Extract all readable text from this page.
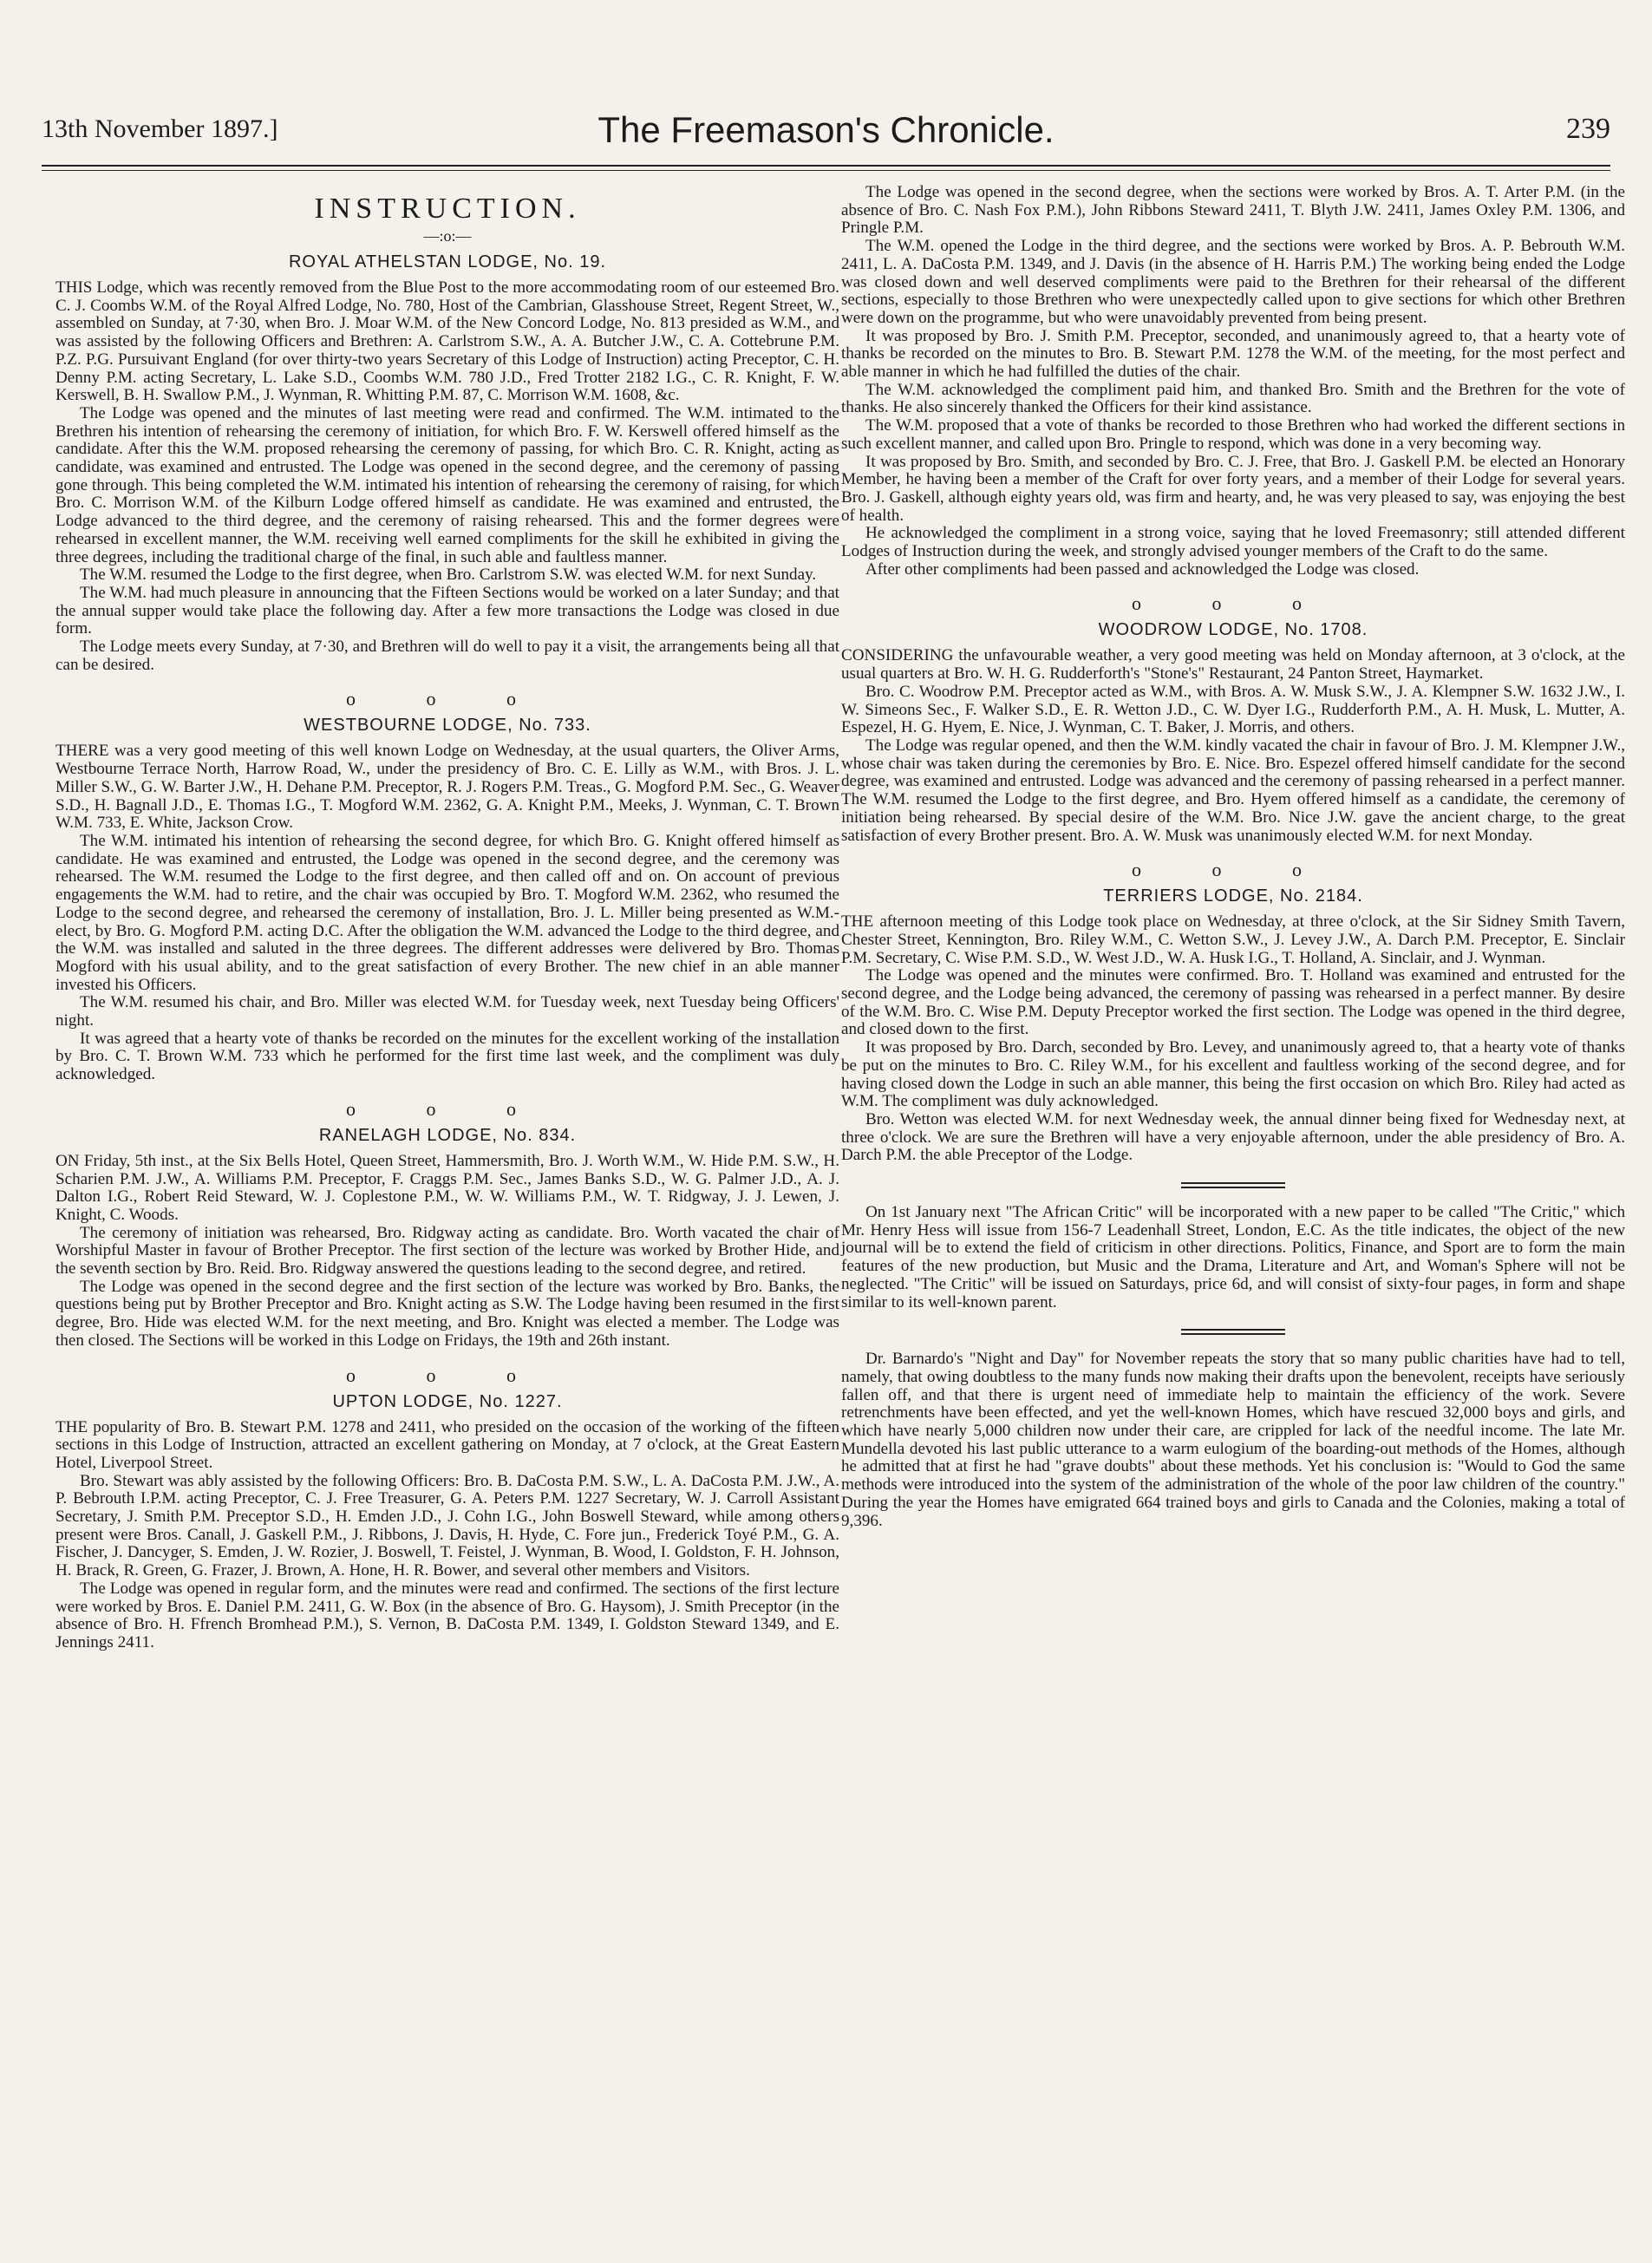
13th November 1897.]	The Freemason's Chronicle.	239
INSTRUCTION.
—:o:—
ROYAL ATHELSTAN LODGE, No. 19.

THIS Lodge, which was recently removed from the Blue Post to the more accommodating room of our esteemed Bro. C. J. Coombs W.M. of the Royal Alfred Lodge, No. 780, Host of the Cambrian, Glasshouse Street, Regent Street, W., assembled on Sunday, at 7·30, when Bro. J. Moar W.M. of the New Concord Lodge, No. 813 presided as W.M., and was assisted by the following Officers and Brethren: A. Carlstrom S.W., A. A. Butcher J.W., C. A. Cottebrune P.M. P.Z. P.G. Pursuivant England (for over thirty-two years Secretary of this Lodge of Instruction) acting Preceptor, C. H. Denny P.M. acting Secretary, L. Lake S.D., Coombs W.M. 780 J.D., Fred Trotter 2182 I.G., C. R. Knight, F. W. Kerswell, B. H. Swallow P.M., J. Wynman, R. Whitting P.M. 87, C. Morrison W.M. 1608, &c.

The Lodge was opened and the minutes of last meeting were read and confirmed. The W.M. intimated to the Brethren his intention of rehearsing the ceremony of initiation, for which Bro. F. W. Kerswell offered himself as the candidate. After this the W.M. proposed rehearsing the ceremony of passing, for which Bro. C. R. Knight, acting as candidate, was examined and entrusted. The Lodge was opened in the second degree, and the ceremony of passing gone through. This being completed the W.M. intimated his intention of rehearsing the ceremony of raising, for which Bro. C. Morrison W.M. of the Kilburn Lodge offered himself as candidate. He was examined and entrusted, the Lodge advanced to the third degree, and the ceremony of raising rehearsed. This and the former degrees were rehearsed in excellent manner, the W.M. receiving well earned compliments for the skill he exhibited in giving the three degrees, including the traditional charge of the final, in such able and faultless manner.

The W.M. resumed the Lodge to the first degree, when Bro. Carlstrom S.W. was elected W.M. for next Sunday.

The W.M. had much pleasure in announcing that the Fifteen Sections would be worked on a later Sunday; and that the annual supper would take place the following day. After a few more transactions the Lodge was closed in due form.

The Lodge meets every Sunday, at 7·30, and Brethren will do well to pay it a visit, the arrangements being all that can be desired.

o o o
WESTBOURNE LODGE, No. 733.

THERE was a very good meeting of this well known Lodge on Wednesday, at the usual quarters, the Oliver Arms, Westbourne Terrace North, Harrow Road, W., under the presidency of Bro. C. E. Lilly as W.M., with Bros. J. L. Miller S.W., G. W. Barter J.W., H. Dehane P.M. Preceptor, R. J. Rogers P.M. Treas., G. Mogford P.M. Sec., G. Weaver S.D., H. Bagnall J.D., E. Thomas I.G., T. Mogford W.M. 2362, G. A. Knight P.M., Meeks, J. Wynman, C. T. Brown W.M. 733, E. White, Jackson Crow.

The W.M. intimated his intention of rehearsing the second degree, for which Bro. G. Knight offered himself as candidate. He was examined and entrusted, the Lodge was opened in the second degree, and the ceremony was rehearsed. The W.M. resumed the Lodge to the first degree, and then called off and on. On account of previous engagements the W.M. had to retire, and the chair was occupied by Bro. T. Mogford W.M. 2362, who resumed the Lodge to the second degree, and rehearsed the ceremony of installation, Bro. J. L. Miller being presented as W.M.-elect, by Bro. G. Mogford P.M. acting D.C. After the obligation the W.M. advanced the Lodge to the third degree, and the W.M. was installed and saluted in the three degrees. The different addresses were delivered by Bro. Thomas Mogford with his usual ability, and to the great satisfaction of every Brother. The new chief in an able manner invested his Officers.

The W.M. resumed his chair, and Bro. Miller was elected W.M. for Tuesday week, next Tuesday being Officers' night.

It was agreed that a hearty vote of thanks be recorded on the minutes for the excellent working of the installation by Bro. C. T. Brown W.M. 733 which he performed for the first time last week, and the compliment was duly acknowledged.

o o o
RANELAGH LODGE, No. 834.

ON Friday, 5th inst., at the Six Bells Hotel, Queen Street, Hammersmith, Bro. J. Worth W.M., W. Hide P.M. S.W., H. Scharien P.M. J.W., A. Williams P.M. Preceptor, F. Craggs P.M. Sec., James Banks S.D., W. G. Palmer J.D., A. J. Dalton I.G., Robert Reid Steward, W. J. Coplestone P.M., W. W. Williams P.M., W. T. Ridgway, J. J. Lewen, J. Knight, C. Woods.

The ceremony of initiation was rehearsed, Bro. Ridgway acting as candidate. Bro. Worth vacated the chair of Worshipful Master in favour of Brother Preceptor. The first section of the lecture was worked by Brother Hide, and the seventh section by Bro. Reid. Bro. Ridgway answered the questions leading to the second degree, and retired.

The Lodge was opened in the second degree and the first section of the lecture was worked by Bro. Banks, the questions being put by Brother Preceptor and Bro. Knight acting as S.W. The Lodge having been resumed in the first degree, Bro. Hide was elected W.M. for the next meeting, and Bro. Knight was elected a member. The Lodge was then closed. The Sections will be worked in this Lodge on Fridays, the 19th and 26th instant.

o o o
UPTON LODGE, No. 1227.

THE popularity of Bro. B. Stewart P.M. 1278 and 2411, who presided on the occasion of the working of the fifteen sections in this Lodge of Instruction, attracted an excellent gathering on Monday, at 7 o'clock, at the Great Eastern Hotel, Liverpool Street.

Bro. Stewart was ably assisted by the following Officers: Bro. B. DaCosta P.M. S.W., L. A. DaCosta P.M. J.W., A. P. Bebrouth I.P.M. acting Preceptor, C. J. Free Treasurer, G. A. Peters P.M. 1227 Secretary, W. J. Carroll Assistant Secretary, J. Smith P.M. Preceptor S.D., H. Emden J.D., J. Cohn I.G., John Boswell Steward, while among others present were Bros. Canall, J. Gaskell P.M., J. Ribbons, J. Davis, H. Hyde, C. Fore jun., Frederick Toyé P.M., G. A. Fischer, J. Dancyger, S. Emden, J. W. Rozier, J. Boswell, T. Feistel, J. Wynman, B. Wood, I. Goldston, F. H. Johnson, H. Brack, R. Green, G. Frazer, J. Brown, A. Hone, H. R. Bower, and several other members and Visitors.

The Lodge was opened in regular form, and the minutes were read and confirmed. The sections of the first lecture were worked by Bros. E. Daniel P.M. 2411, G. W. Box (in the absence of Bro. G. Haysom), J. Smith Preceptor (in the absence of Bro. H. Ffrench Bromhead P.M.), S. Vernon, B. DaCosta P.M. 1349, I. Goldston Steward 1349, and E. Jennings 2411.

The Lodge was opened in the second degree, when the sections were worked by Bros. A. T. Arter P.M. (in the absence of Bro. C. Nash Fox P.M.), John Ribbons Steward 2411, T. Blyth J.W. 2411, James Oxley P.M. 1306, and Pringle P.M.

The W.M. opened the Lodge in the third degree, and the sections were worked by Bros. A. P. Bebrouth W.M. 2411, L. A. DaCosta P.M. 1349, and J. Davis (in the absence of H. Harris P.M.) The working being ended the Lodge was closed down and well deserved compliments were paid to the Brethren for their rehearsal of the different sections, especially to those Brethren who were unexpectedly called upon to give sections for which other Brethren were down on the programme, but who were unavoidably prevented from being present.

It was proposed by Bro. J. Smith P.M. Preceptor, seconded, and unanimously agreed to, that a hearty vote of thanks be recorded on the minutes to Bro. B. Stewart P.M. 1278 the W.M. of the meeting, for the most perfect and able manner in which he had fulfilled the duties of the chair.

The W.M. acknowledged the compliment paid him, and thanked Bro. Smith and the Brethren for the vote of thanks. He also sincerely thanked the Officers for their kind assistance.

The W.M. proposed that a vote of thanks be recorded to those Brethren who had worked the different sections in such excellent manner, and called upon Bro. Pringle to respond, which was done in a very becoming way.

It was proposed by Bro. Smith, and seconded by Bro. C. J. Free, that Bro. J. Gaskell P.M. be elected an Honorary Member, he having been a member of the Craft for over forty years, and a member of their Lodge for several years. Bro. J. Gaskell, although eighty years old, was firm and hearty, and, he was very pleased to say, was enjoying the best of health.

He acknowledged the compliment in a strong voice, saying that he loved Freemasonry; still attended different Lodges of Instruction during the week, and strongly advised younger members of the Craft to do the same.

After other compliments had been passed and acknowledged the Lodge was closed.

o o o
WOODROW LODGE, No. 1708.

CONSIDERING the unfavourable weather, a very good meeting was held on Monday afternoon, at 3 o'clock, at the usual quarters at Bro. W. H. G. Rudderforth's "Stone's" Restaurant, 24 Panton Street, Haymarket.

Bro. C. Woodrow P.M. Preceptor acted as W.M., with Bros. A. W. Musk S.W., J. A. Klempner S.W. 1632 J.W., I. W. Simeons Sec., F. Walker S.D., E. R. Wetton J.D., C. W. Dyer I.G., Rudderforth P.M., A. H. Musk, L. Mutter, A. Espezel, H. G. Hyem, E. Nice, J. Wynman, C. T. Baker, J. Morris, and others.

The Lodge was regular opened, and then the W.M. kindly vacated the chair in favour of Bro. J. M. Klempner J.W., whose chair was taken during the ceremonies by Bro. E. Nice. Bro. Espezel offered himself candidate for the second degree, was examined and entrusted. Lodge was advanced and the ceremony of passing rehearsed in a perfect manner. The W.M. resumed the Lodge to the first degree, and Bro. Hyem offered himself as a candidate, the ceremony of initiation being rehearsed. By special desire of the W.M. Bro. Nice J.W. gave the ancient charge, to the great satisfaction of every Brother present. Bro. A. W. Musk was unanimously elected W.M. for next Monday.

o o o
TERRIERS LODGE, No. 2184.

THE afternoon meeting of this Lodge took place on Wednesday, at three o'clock, at the Sir Sidney Smith Tavern, Chester Street, Kennington, Bro. Riley W.M., C. Wetton S.W., J. Levey J.W., A. Darch P.M. Preceptor, E. Sinclair P.M. Secretary, C. Wise P.M. S.D., W. West J.D., W. A. Husk I.G., T. Holland, A. Sinclair, and J. Wynman.

The Lodge was opened and the minutes were confirmed. Bro. T. Holland was examined and entrusted for the second degree, and the Lodge being advanced, the ceremony of passing was rehearsed in a perfect manner. By desire of the W.M. Bro. C. Wise P.M. Deputy Preceptor worked the first section. The Lodge was opened in the third degree, and closed down to the first.

It was proposed by Bro. Darch, seconded by Bro. Levey, and unanimously agreed to, that a hearty vote of thanks be put on the minutes to Bro. C. Riley W.M., for his excellent and faultless working of the second degree, and for having closed down the Lodge in such an able manner, this being the first occasion on which Bro. Riley had acted as W.M. The compliment was duly acknowledged.

Bro. Wetton was elected W.M. for next Wednesday week, the annual dinner being fixed for Wednesday next, at three o'clock. We are sure the Brethren will have a very enjoyable afternoon, under the able presidency of Bro. A. Darch P.M. the able Preceptor of the Lodge.

On 1st January next "The African Critic" will be incorporated with a new paper to be called "The Critic," which Mr. Henry Hess will issue from 156-7 Leadenhall Street, London, E.C. As the title indicates, the object of the new journal will be to extend the field of criticism in other directions. Politics, Finance, and Sport are to form the main features of the new production, but Music and the Drama, Literature and Art, and Woman's Sphere will not be neglected. "The Critic" will be issued on Saturdays, price 6d, and will consist of sixty-four pages, in form and shape similar to its well-known parent.

Dr. Barnardo's "Night and Day" for November repeats the story that so many public charities have had to tell, namely, that owing doubtless to the many funds now making their drafts upon the benevolent, receipts have seriously fallen off, and that there is urgent need of immediate help to maintain the efficiency of the work. Severe retrenchments have been effected, and yet the well-known Homes, which have rescued 32,000 boys and girls, and which have nearly 5,000 children now under their care, are crippled for lack of the needful income. The late Mr. Mundella devoted his last public utterance to a warm eulogium of the boarding-out methods of the Homes, although he admitted that at first he had "grave doubts" about these methods. Yet his conclusion is: "Would to God the same methods were introduced into the system of the administration of the whole of the poor law children of the country." During the year the Homes have emigrated 664 trained boys and girls to Canada and the Colonies, making a total of 9,396.
